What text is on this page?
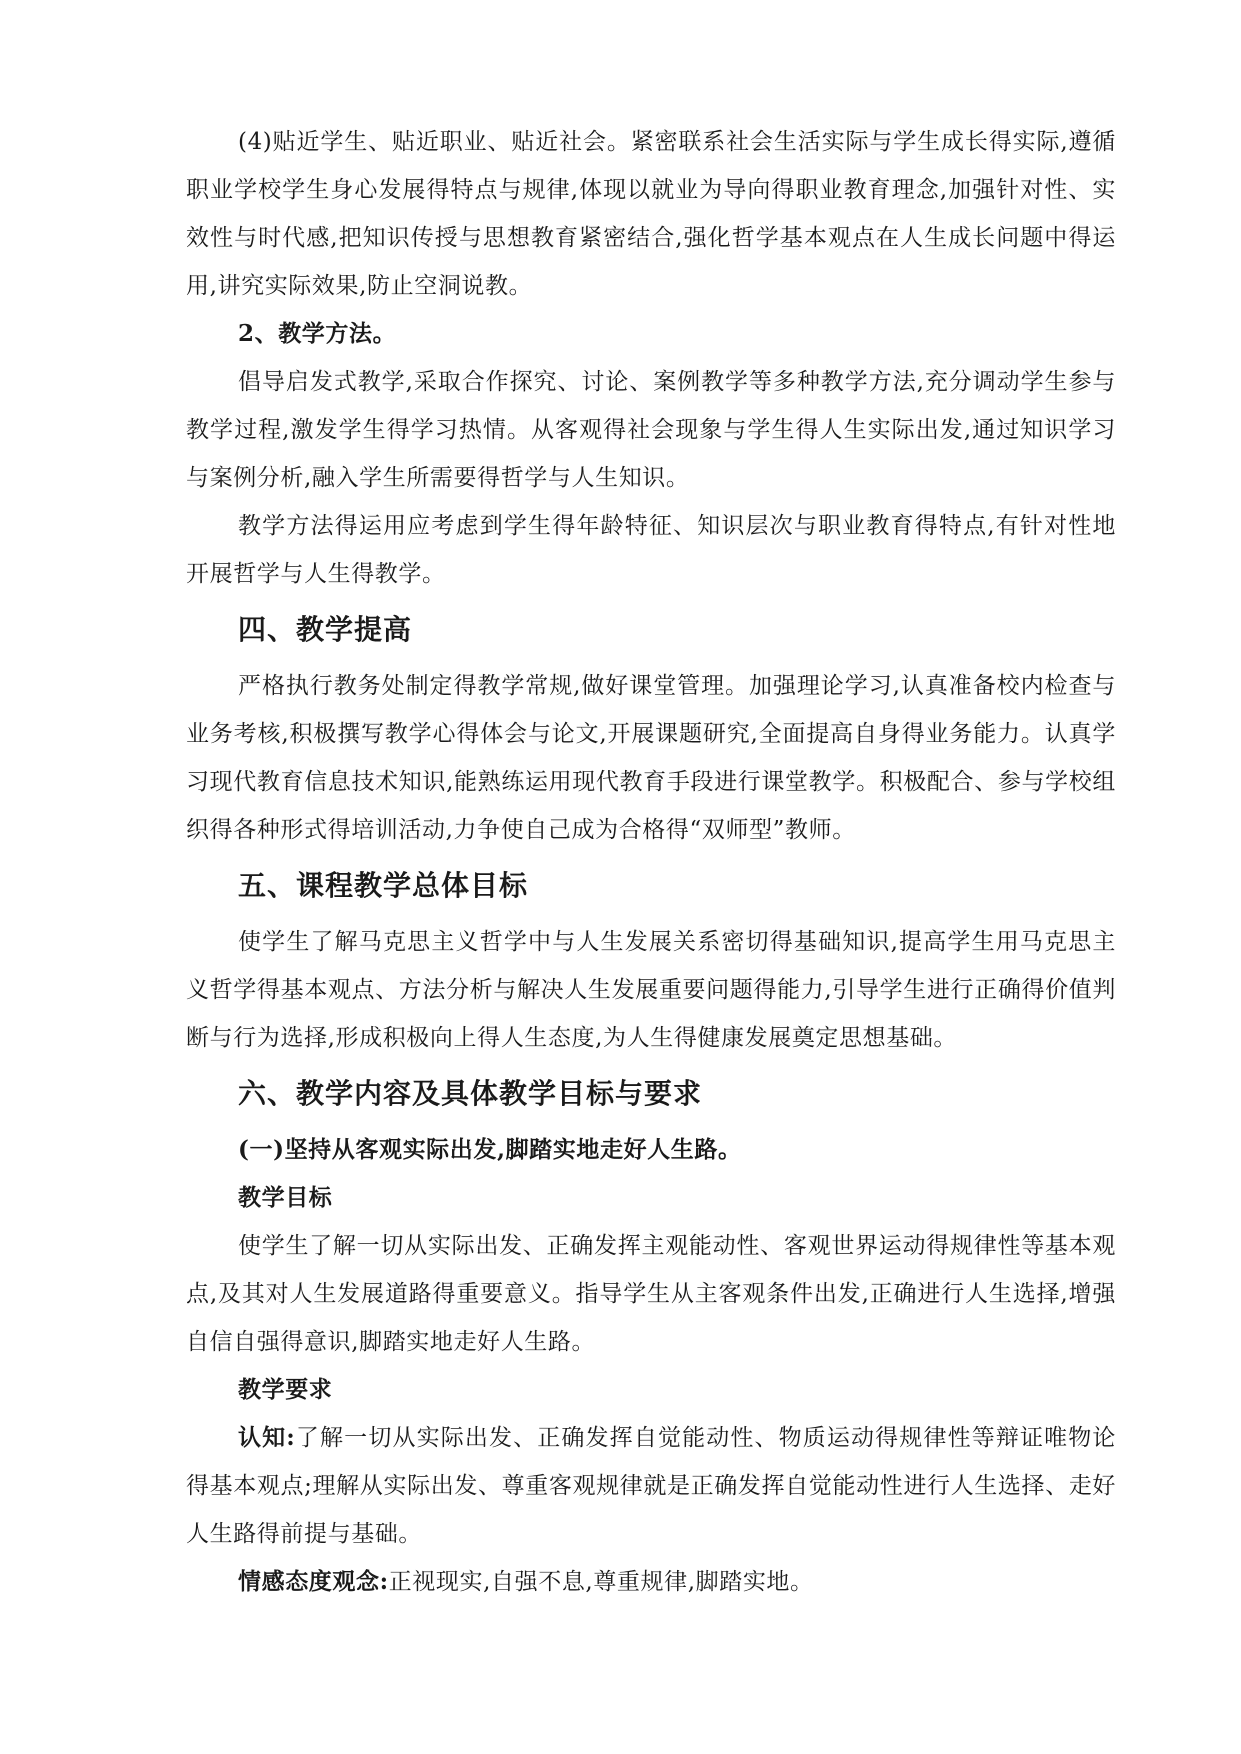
(4)贴近学生、贴近职业、贴近社会。紧密联系社会生活实际与学生成长得实际,遵循职业学校学生身心发展得特点与规律,体现以就业为导向得职业教育理念,加强针对性、实效性与时代感,把知识传授与思想教育紧密结合,强化哲学基本观点在人生成长问题中得运用,讲究实际效果,防止空洞说教。

2、教学方法。

倡导启发式教学,采取合作探究、讨论、案例教学等多种教学方法,充分调动学生参与教学过程,激发学生得学习热情。从客观得社会现象与学生得人生实际出发,通过知识学习与案例分析,融入学生所需要得哲学与人生知识。

教学方法得运用应考虑到学生得年龄特征、知识层次与职业教育得特点,有针对性地开展哲学与人生得教学。

四、教学提高

严格执行教务处制定得教学常规,做好课堂管理。加强理论学习,认真准备校内检查与业务考核,积极撰写教学心得体会与论文,开展课题研究,全面提高自身得业务能力。认真学习现代教育信息技术知识,能熟练运用现代教育手段进行课堂教学。积极配合、参与学校组织得各种形式得培训活动,力争使自己成为合格得“双师型”教师。

五、课程教学总体目标

使学生了解马克思主义哲学中与人生发展关系密切得基础知识,提高学生用马克思主义哲学得基本观点、方法分析与解决人生发展重要问题得能力,引导学生进行正确得价值判断与行为选择,形成积极向上得人生态度,为人生得健康发展奠定思想基础。

六、教学内容及具体教学目标与要求

(一)坚持从客观实际出发,脚踏实地走好人生路。

教学目标

使学生了解一切从实际出发、正确发挥主观能动性、客观世界运动得规律性等基本观点,及其对人生发展道路得重要意义。指导学生从主客观条件出发,正确进行人生选择,增强自信自强得意识,脚踏实地走好人生路。

教学要求

认知:了解一切从实际出发、正确发挥自觉能动性、物质运动得规律性等辩证唯物论得基本观点;理解从实际出发、尊重客观规律就是正确发挥自觉能动性进行人生选择、走好人生路得前提与基础。

情感态度观念:正视现实,自强不息,尊重规律,脚踏实地。
